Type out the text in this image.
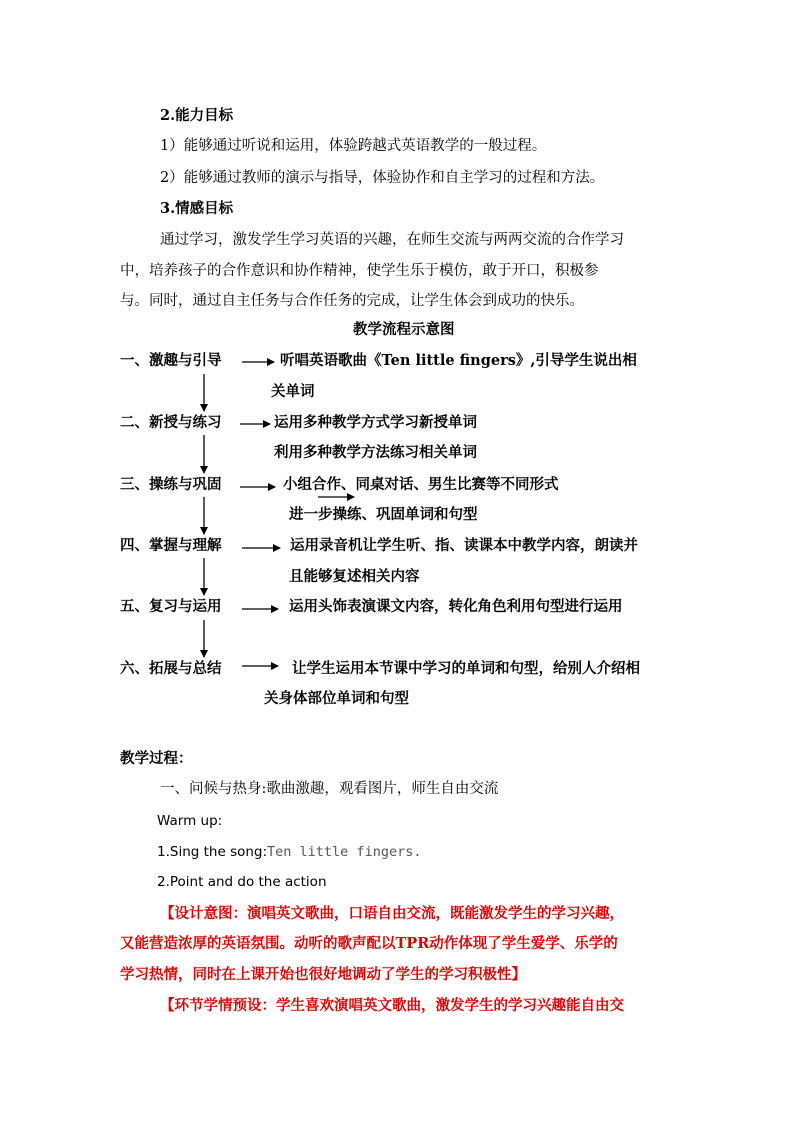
2.能力目标
1）能够通过听说和运用，体验跨越式英语教学的一般过程。
2）能够通过教师的演示与指导，体验协作和自主学习的过程和方法。
3.情感目标
通过学习，激发学生学习英语的兴趣，在师生交流与两两交流的合作学习
中，培养孩子的合作意识和协作精神，使学生乐于模仿，敢于开口，积极参
与。同时，通过自主任务与合作任务的完成，让学生体会到成功的快乐。
教学流程示意图
一、激趣与引导	听唱英语歌曲《Ten little fingers》,引导学生说出相
关单词
二、新授与练习	运用多种教学方式学习新授单词
利用多种教学方法练习相关单词
三、操练与巩固	小组合作、同桌对话、男生比赛等不同形式
进一步操练、巩固单词和句型
四、掌握与理解	运用录音机让学生听、指、读课本中教学内容，朗读并
且能够复述相关内容
五、复习与运用	运用头饰表演课文内容，转化角色利用句型进行运用
六、拓展与总结	让学生运用本节课中学习的单词和句型，给别人介绍相
关身体部位单词和句型
教学过程：
一、问候与热身:歌曲激趣，观看图片，师生自由交流
Warm up:
1.Sing the song:Ten little fingers.
2.Point and do the action
【设计意图：演唱英文歌曲，口语自由交流，既能激发学生的学习兴趣，
又能营造浓厚的英语氛围。动听的歌声配以TPR动作体现了学生爱学、乐学的
学习热情，同时在上课开始也很好地调动了学生的学习积极性】
【环节学情预设：学生喜欢演唱英文歌曲，激发学生的学习兴趣能自由交
